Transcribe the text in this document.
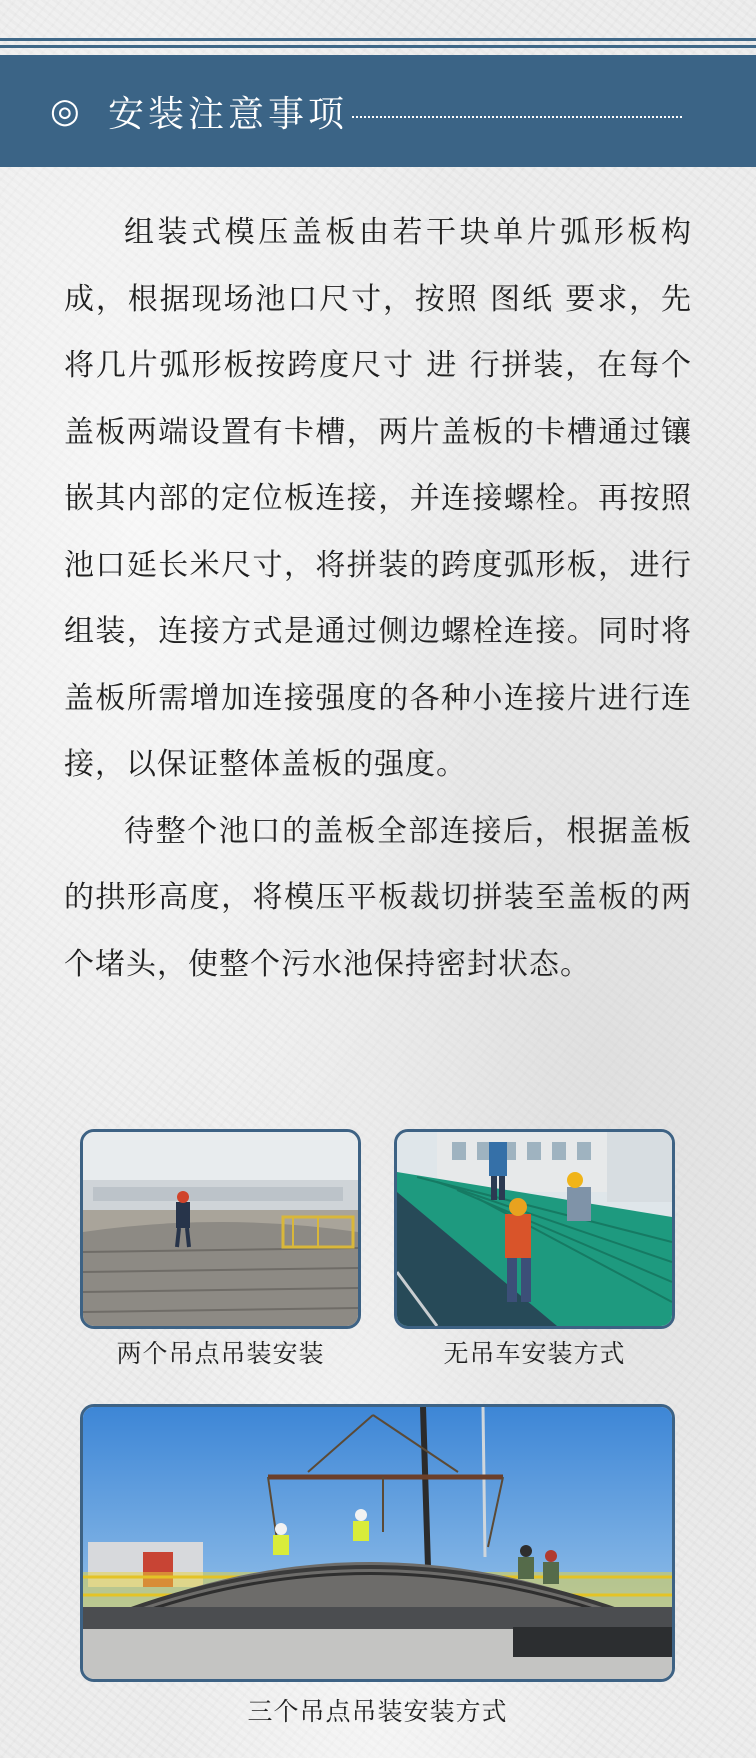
◎ 安装注意事项

组装式模压盖板由若干块单片弧形板构成，根据现场池口尺寸，按照 图纸 要求，先将几片弧形板按跨度尺寸 进 行拼装，在每个盖板两端设置有卡槽，两片盖板的卡槽通过镶嵌其内部的定位板连接，并连接螺栓。再按照池口延长米尺寸，将拼装的跨度弧形板，进行组装，连接方式是通过侧边螺栓连接。同时将盖板所需增加连接强度的各种小连接片进行连接，以保证整体盖板的强度。

待整个池口的盖板全部连接后，根据盖板的拱形高度，将模压平板裁切拼装至盖板的两个堵头，使整个污水池保持密封状态。

两个吊点吊装安装	无吊车安装方式
三个吊点吊装安装方式
